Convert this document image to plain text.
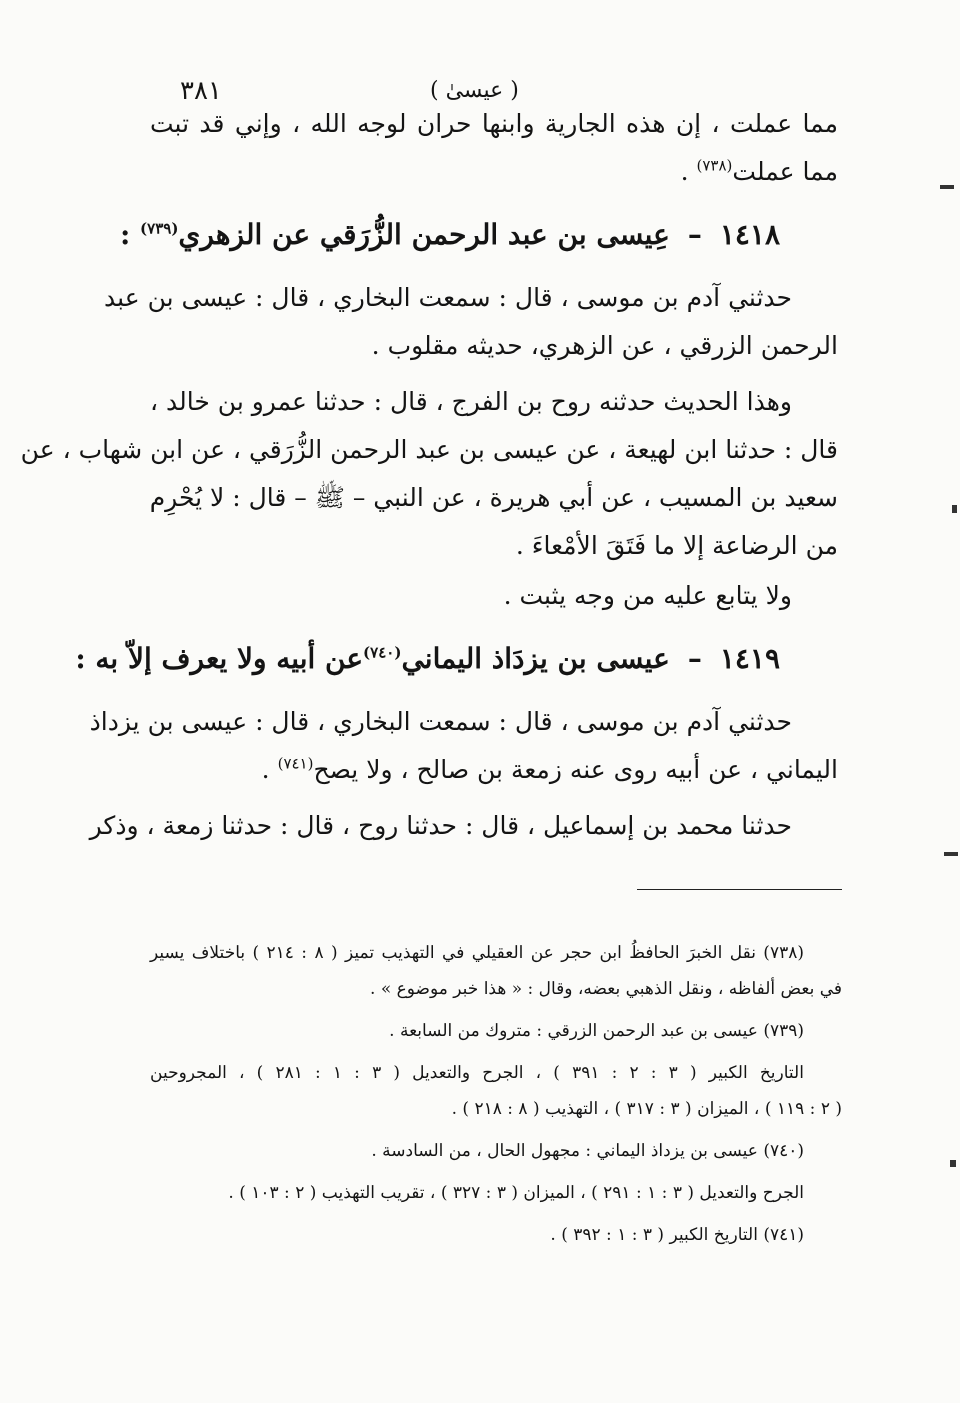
٣٨١	( عيسىٰ )
مما عملت ، إن هذه الجارية وابنها حران لوجه الله ، وإني قد تبت
مما عملت$^{(٧٣٨)}$ .
١٤١٨–عِيسى بن عبد الرحمن الزُّرَقي عن الزهري$^{(٧٣٩)}$ :
حدثني آدم بن موسى ، قال : سمعت البخاري ، قال : عيسى بن عبد
الرحمن الزرقي ، عن الزهري، حديثه مقلوب .
وهذا الحديث حدثنه روح بن الفرج ، قال : حدثنا عمرو بن خالد ،
قال : حدثنا ابن لهيعة ، عن عيسى بن عبد الرحمن الزُّرَقي ، عن ابن شهاب ، عن
سعيد بن المسيب ، عن أبي هريرة ، عن النبي – ﷺ – قال : لا يُحْرِم
من الرضاعة إلا ما فَتَقَ الأمْعاءَ .
ولا يتابع عليه من وجه يثبت .
١٤١٩–عيسى بن يزدَاذ اليماني$^{(٧٤٠)}$عن أبيه ولا يعرف إلاّ به :
حدثني آدم بن موسى ، قال : سمعت البخاري ، قال : عيسى بن يزداذ
اليماني ، عن أبيه روى عنه زمعة بن صالح ، ولا يصح$^{(٧٤١)}$ .
حدثنا محمد بن إسماعيل ، قال : حدثنا روح ، قال : حدثنا زمعة ، وذكر
(٧٣٨) نقل الخبرَ الحافظُ ابن حجر عن العقيلي في التهذيب تميز ( ٨ : ٢١٤ ) باختلاف يسير
في بعض ألفاظه ، ونقل الذهبي بعضه، وقال : « هذا خبر موضوع » .
(٧٣٩) عيسى بن عبد الرحمن الزرقي : متروك من السابعة .
التاريخ الكبير ( ٣ : ٢ : ٣٩١ ) ، الجرح والتعديل ( ٣ : ١ : ٢٨١ ) ، المجروحين
( ٢ : ١١٩ ) ، الميزان ( ٣ : ٣١٧ ) ، التهذيب ( ٨ : ٢١٨ ) .
(٧٤٠) عيسى بن يزداذ اليماني : مجهول الحال ، من السادسة .
الجرح والتعديل ( ٣ : ١ : ٢٩١ ) ، الميزان ( ٣ : ٣٢٧ ) ، تقريب التهذيب ( ٢ : ١٠٣ ) .
(٧٤١) التاريخ الكبير ( ٣ : ١ : ٣٩٢ ) .
